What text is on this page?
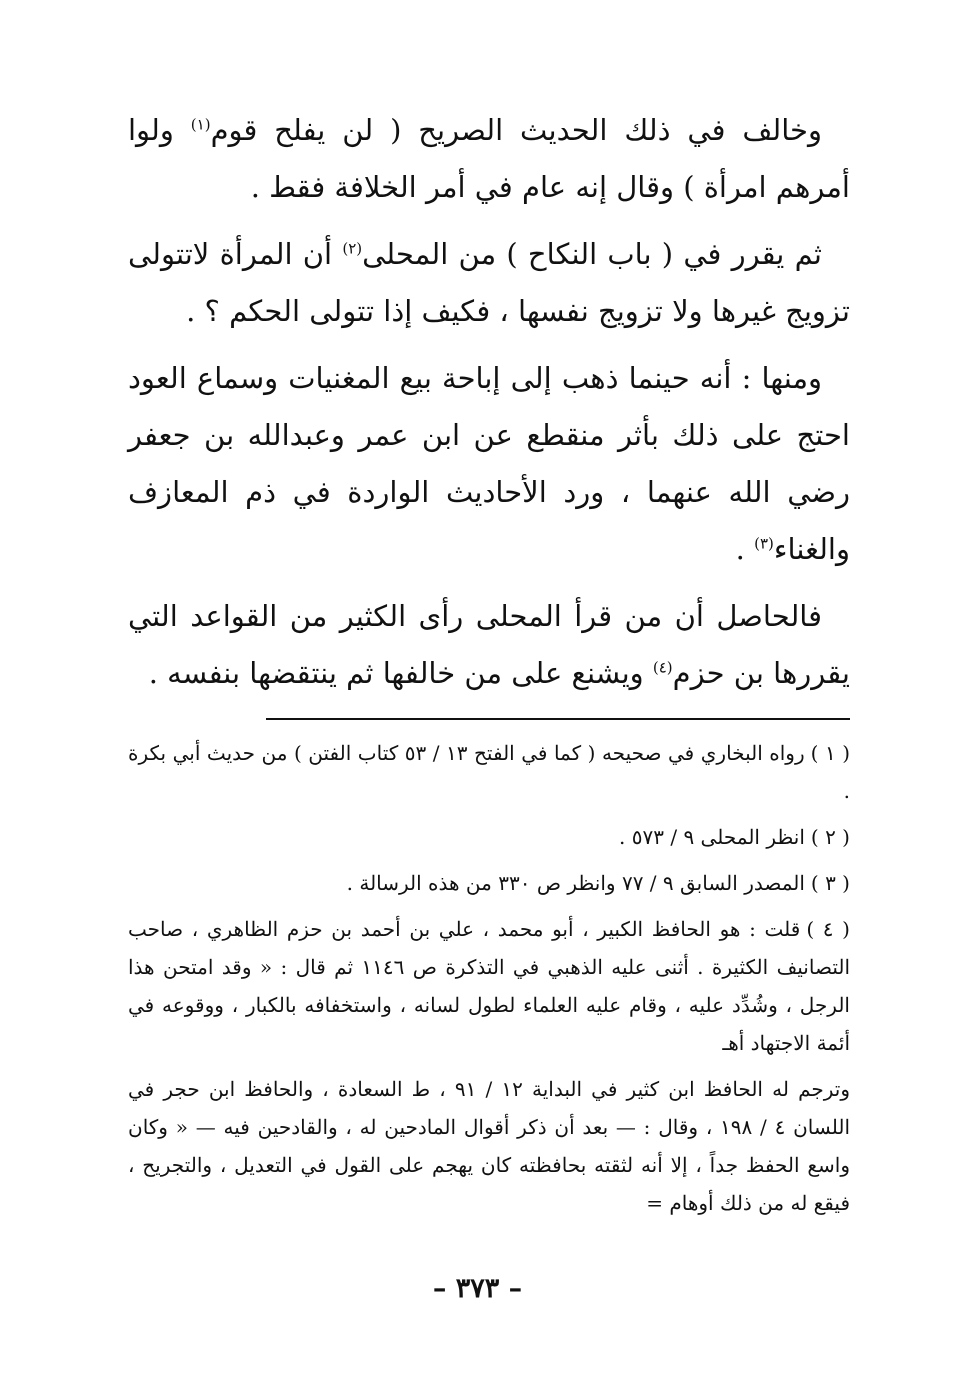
وخالف في ذلك الحديث الصريح ( لن يفلح قوم$^{(١)}$ ولوا أمرهم امرأة ) وقال إنه عام في أمر الخلافة فقط .

ثم يقرر في ( باب النكاح ) من المحلى$^{(٢)}$ أن المرأة لاتتولى تزويج غيرها ولا تزويج نفسها ، فكيف إذا تتولى الحكم ؟ .

ومنها : أنه حينما ذهب إلى إباحة بيع المغنيات وسماع العود احتج على ذلك بأثر منقطع عن ابن عمر وعبدالله بن جعفر رضي الله عنهما ، ورد الأحاديث الواردة في ذم المعازف والغناء$^{(٣)}$ .

فالحاصل أن من قرأ المحلى رأى الكثير من القواعد التي يقررها بن حزم$^{(٤)}$ ويشنع على من خالفها ثم ينتقضها بنفسه .

( ١ )رواه البخاري في صحيحه ( كما في الفتح ١٣ / ٥٣ كتاب الفتن ) من حديث أبي بكرة .

( ٢ )انظر المحلى ٩ / ٥٧٣ .

( ٣ )المصدر السابق ٩ / ٧٧ وانظر ص ٣٣٠ من هذه الرسالة .

( ٤ )قلت : هو الحافظ الكبير ، أبو محمد ، علي بن أحمد بن حزم الظاهري ، صاحب التصانيف الكثيرة . أثنى عليه الذهبي في التذكرة ص ١١٤٦ ثم قال : « وقد امتحن هذا الرجل ، وشُدِّد عليه ، وقام عليه العلماء لطول لسانه ، واستخفافه بالكبار ، ووقوعه في أئمة الاجتهاد أهـ

وترجم له الحافظ ابن كثير في البداية ١٢ / ٩١ ، ط السعادة ، والحافظ ابن حجر في اللسان ٤ / ١٩٨ ، وقال : — بعد أن ذكر أقوال المادحين له ، والقادحين فيه — « وكان واسع الحفظ جداً ، إلا أنه لثقته بحافظته كان يهجم على القول في التعديل ، والتجريح ، فيقع له من ذلك أوهام =

– ٣٧٣ –
